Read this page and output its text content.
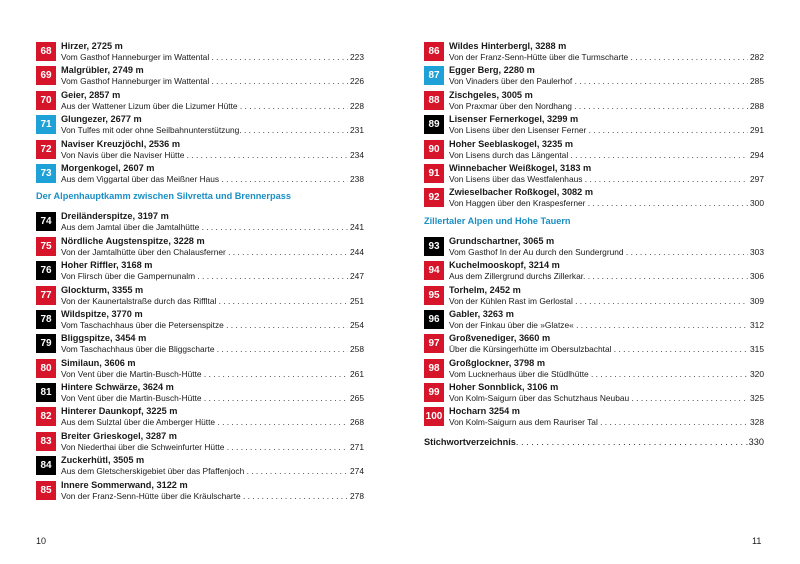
68	Hirzer, 2725 m
Vom Gasthof Hanneburger im Wattental . . .	223
69	Malgrübler, 2749 m
Vom Gasthof Hanneburger im Wattental . . .	226
70	Geier, 2857 m
Aus der Wattener Lizum über die Lizumer Hütte . . .	228
71	Glungezer, 2677 m
Von Tulfes mit oder ohne Seilbahnunterstützung. . . .	231
72	Naviser Kreuzjöchl, 2536 m
Von Navis über die Naviser Hütte . . .	234
73	Morgenkogel, 2607 m
Aus dem Viggartal über das Meißner Haus . . .	238
Der Alpenhauptkamm zwischen Silvretta und Brennerpass
74	Dreiländerspitze, 3197 m
Aus dem Jamtal über die Jamtalhütte . . .	241
75	Nördliche Augstenspitze, 3228 m
Von der Jamtalhütte über den Chalausferner . . .	244
76	Hoher Riffler, 3168 m
Von Flirsch über die Gampernunalm . . .	247
77	Glockturm, 3355 m
Von der Kaunertalstraße durch das Riffltal . . .	251
78	Wildspitze, 3770 m
Vom Taschachhaus über die Petersenspitze . . .	254
79	Bliggspitze, 3454 m
Vom Taschachhaus über die Bliggscharte . . .	258
80	Similaun, 3606 m
Von Vent über die Martin-Busch-Hütte . . .	261
81	Hintere Schwärze, 3624 m
Von Vent über die Martin-Busch-Hütte . . .	265
82	Hinterer Daunkopf, 3225 m
Aus dem Sulztal über die Amberger Hütte . . .	268
83	Breiter Grieskogel, 3287 m
Von Niederthai über die Schweinfurter Hütte . . .	271
84	Zuckerhütl, 3505 m
Aus dem Gletscherskigebiet über das Pfaffenjoch . . .	274
85	Innere Sommerwand, 3122 m
Von der Franz-Senn-Hütte über die Kräulscharte . . .	278
10
86	Wildes Hinterbergl, 3288 m
Von der Franz-Senn-Hütte über die Turmscharte . . .	282
87	Egger Berg, 2280 m
Von Vinaders über den Paulerhof . . .	285
88	Zischgeles, 3005 m
Von Praxmar über den Nordhang . . .	288
89	Lisenser Fernerkogel, 3299 m
Von Lisens über den Lisenser Ferner . . .	291
90	Hoher Seeblaskogel, 3235 m
Von Lisens durch das Längental . . .	294
91	Winnebacher Weißkogel, 3183 m
Von Lisens über das Westfalenhaus . . .	297
92	Zwieselbacher Roßkogel, 3082 m
Von Haggen über den Kraspesferner . . .	300
Zillertaler Alpen und Hohe Tauern
93	Grundschartner, 3065 m
Vom Gasthof In der Au durch den Sundergrund . . .	303
94	Kuchelmooskopf, 3214 m
Aus dem Zillergrund durchs Zillerkar. . . .	306
95	Torhelm, 2452 m
Von der Kühlen Rast im Gerlostal . . .	309
96	Gabler, 3263 m
Von der Finkau über die »Glatze« . . .	312
97	Großvenediger, 3660 m
Über die Kürsingerhütte im Obersulzbachtal . . .	315
98	Großglockner, 3798 m
Vom Lucknerhaus über die Stüdlhütte . . .	320
99	Hoher Sonnblick, 3106 m
Von Kolm-Saigurn über das Schutzhaus Neubau . . .	325
100 Hocharn 3254 m
Von Kolm-Saigurn aus dem Rauriser Tal . . .	328
Stichwortverzeichnis . . .	330
11
